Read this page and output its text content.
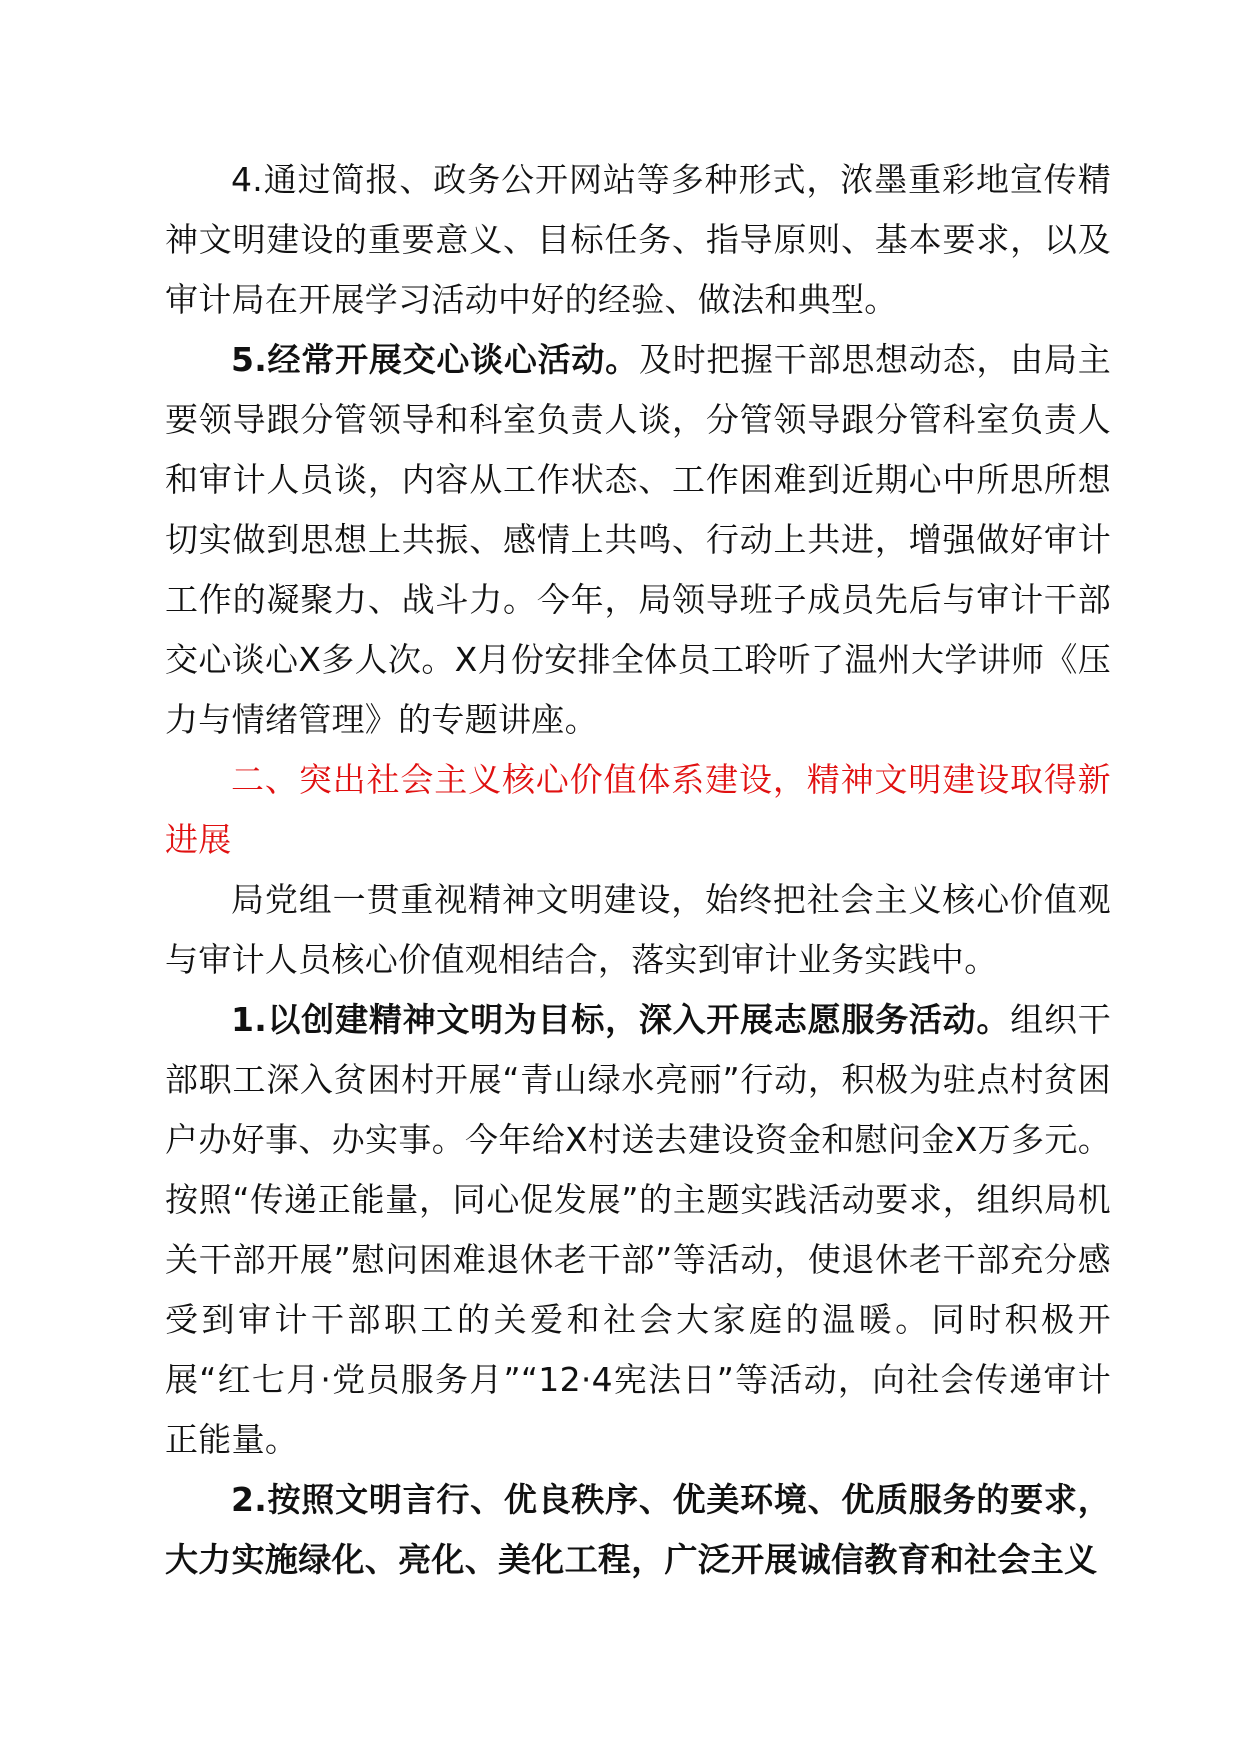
4.通过简报、政务公开网站等多种形式，浓墨重彩地宣传精神文明建设的重要意义、目标任务、指导原则、基本要求，以及审计局在开展学习活动中好的经验、做法和典型。

5.经常开展交心谈心活动。及时把握干部思想动态，由局主要领导跟分管领导和科室负责人谈，分管领导跟分管科室负责人和审计人员谈，内容从工作状态、工作困难到近期心中所思所想切实做到思想上共振、感情上共鸣、行动上共进，增强做好审计工作的凝聚力、战斗力。今年，局领导班子成员先后与审计干部交心谈心X多人次。X月份安排全体员工聆听了温州大学讲师《压力与情绪管理》的专题讲座。

二、突出社会主义核心价值体系建设，精神文明建设取得新进展

局党组一贯重视精神文明建设，始终把社会主义核心价值观与审计人员核心价值观相结合，落实到审计业务实践中。

1.以创建精神文明为目标，深入开展志愿服务活动。组织干部职工深入贫困村开展“青山绿水亮丽”行动，积极为驻点村贫困户办好事、办实事。今年给X村送去建设资金和慰问金X万多元。按照“传递正能量，同心促发展”的主题实践活动要求，组织局机关干部开展”慰问困难退休老干部”等活动，使退休老干部充分感受到审计干部职工的关爱和社会大家庭的温暖。同时积极开展“红七月·党员服务月”“12·4宪法日”等活动，向社会传递审计正能量。

2.按照文明言行、优良秩序、优美环境、优质服务的要求，大力实施绿化、亮化、美化工程，广泛开展诚信教育和社会主义
